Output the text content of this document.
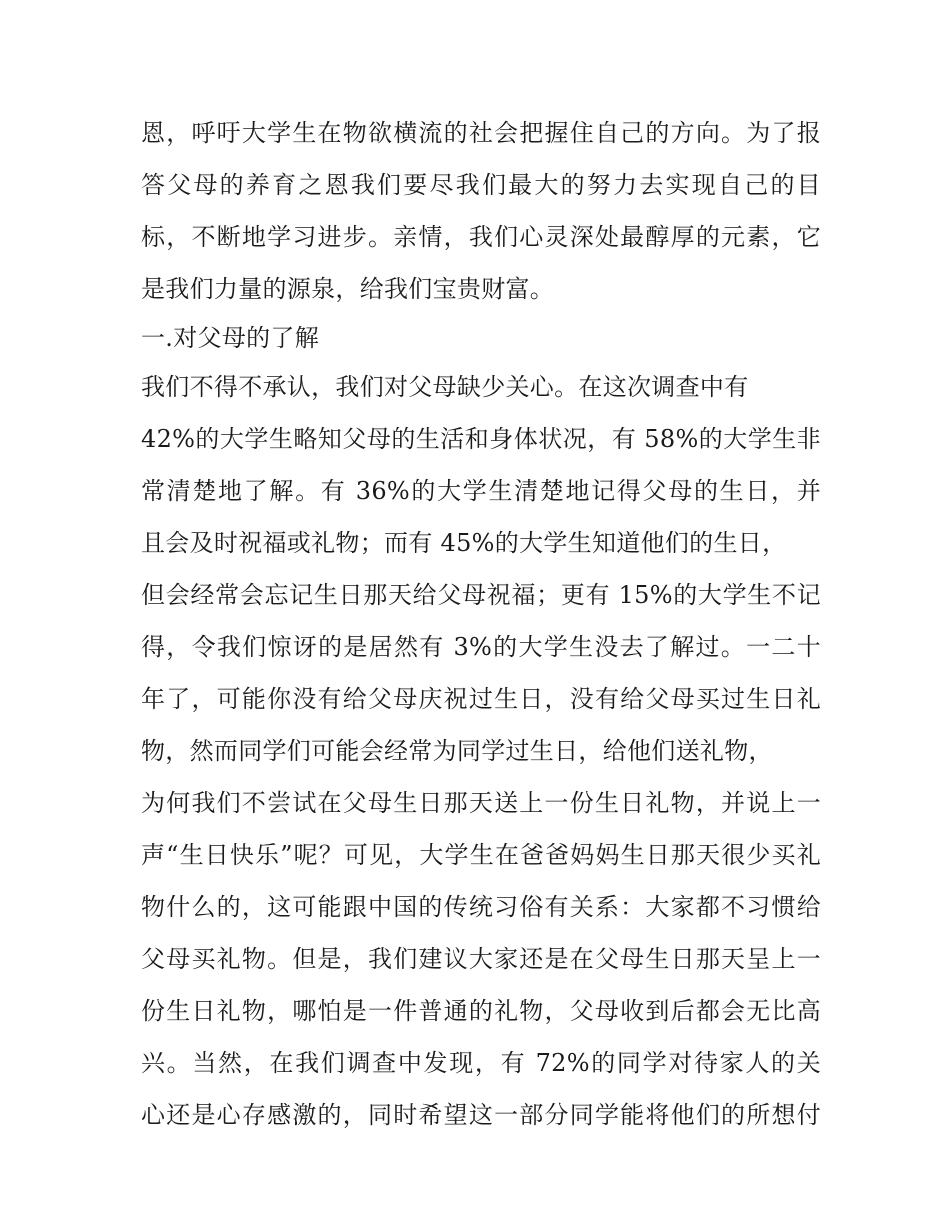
恩，呼吁大学生在物欲横流的社会把握住自己的方向。为了报
答父母的养育之恩我们要尽我们最大的努力去实现自己的目
标，不断地学习进步。亲情，我们心灵深处最醇厚的元素，它
是我们力量的源泉，给我们宝贵财富。
一.对父母的了解
我们不得不承认，我们对父母缺少关心。在这次调查中有
42%的大学生略知父母的生活和身体状况，有 58%的大学生非
常清楚地了解。有 36%的大学生清楚地记得父母的生日，并
且会及时祝福或礼物；而有 45%的大学生知道他们的生日，
但会经常会忘记生日那天给父母祝福；更有 15%的大学生不记
得，令我们惊讶的是居然有 3%的大学生没去了解过。一二十
年了，可能你没有给父母庆祝过生日，没有给父母买过生日礼
物，然而同学们可能会经常为同学过生日，给他们送礼物，
为何我们不尝试在父母生日那天送上一份生日礼物，并说上一
声“生日快乐”呢？可见，大学生在爸爸妈妈生日那天很少买礼
物什么的，这可能跟中国的传统习俗有关系：大家都不习惯给
父母买礼物。但是，我们建议大家还是在父母生日那天呈上一
份生日礼物，哪怕是一件普通的礼物，父母收到后都会无比高
兴。当然，在我们调查中发现，有 72%的同学对待家人的关
心还是心存感激的，同时希望这一部分同学能将他们的所想付
